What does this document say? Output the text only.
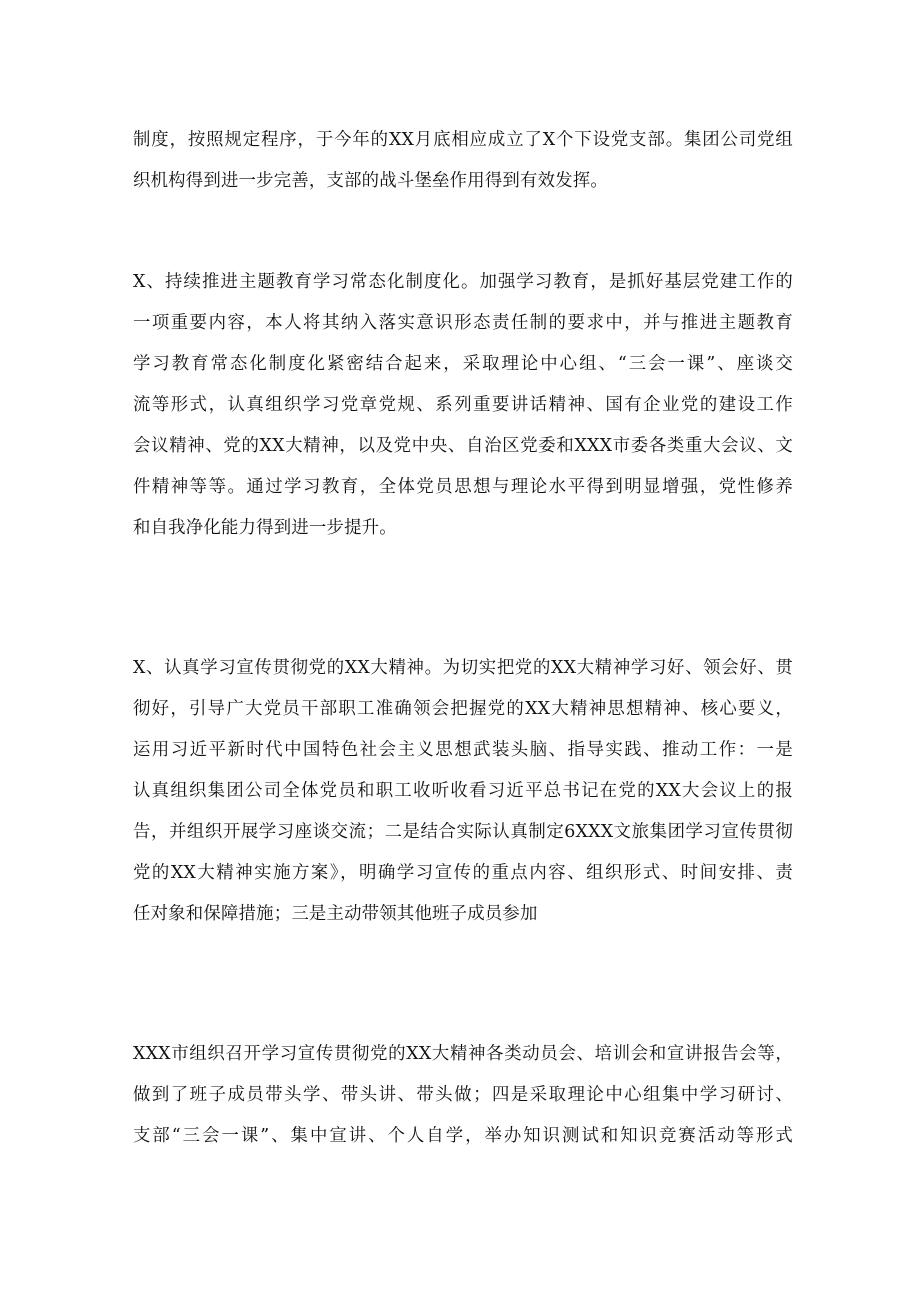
制度，按照规定程序，于今年的XX月底相应成立了X个下设党支部。集团公司党组
织机构得到进一步完善，支部的战斗堡垒作用得到有效发挥。
X、持续推进主题教育学习常态化制度化。加强学习教育，是抓好基层党建工作的
一项重要内容，本人将其纳入落实意识形态责任制的要求中，并与推进主题教育
学习教育常态化制度化紧密结合起来，采取理论中心组、“三会一课”、座谈交
流等形式，认真组织学习党章党规、系列重要讲话精神、国有企业党的建设工作
会议精神、党的XX大精神，以及党中央、自治区党委和XXX市委各类重大会议、文
件精神等等。通过学习教育，全体党员思想与理论水平得到明显增强，党性修养
和自我净化能力得到进一步提升。
X、认真学习宣传贯彻党的XX大精神。为切实把党的XX大精神学习好、领会好、贯
彻好，引导广大党员干部职工准确领会把握党的XX大精神思想精神、核心要义，
运用习近平新时代中国特色社会主义思想武装头脑、指导实践、推动工作：一是
认真组织集团公司全体党员和职工收听收看习近平总书记在党的XX大会议上的报
告，并组织开展学习座谈交流；二是结合实际认真制定6XXX文旅集团学习宣传贯彻
党的XX大精神实施方案》，明确学习宣传的重点内容、组织形式、时间安排、责
任对象和保障措施；三是主动带领其他班子成员参加
XXX市组织召开学习宣传贯彻党的XX大精神各类动员会、培训会和宣讲报告会等，
做到了班子成员带头学、带头讲、带头做；四是采取理论中心组集中学习研讨、
支部“三会一课”、集中宣讲、个人自学，举办知识测试和知识竞赛活动等形式
